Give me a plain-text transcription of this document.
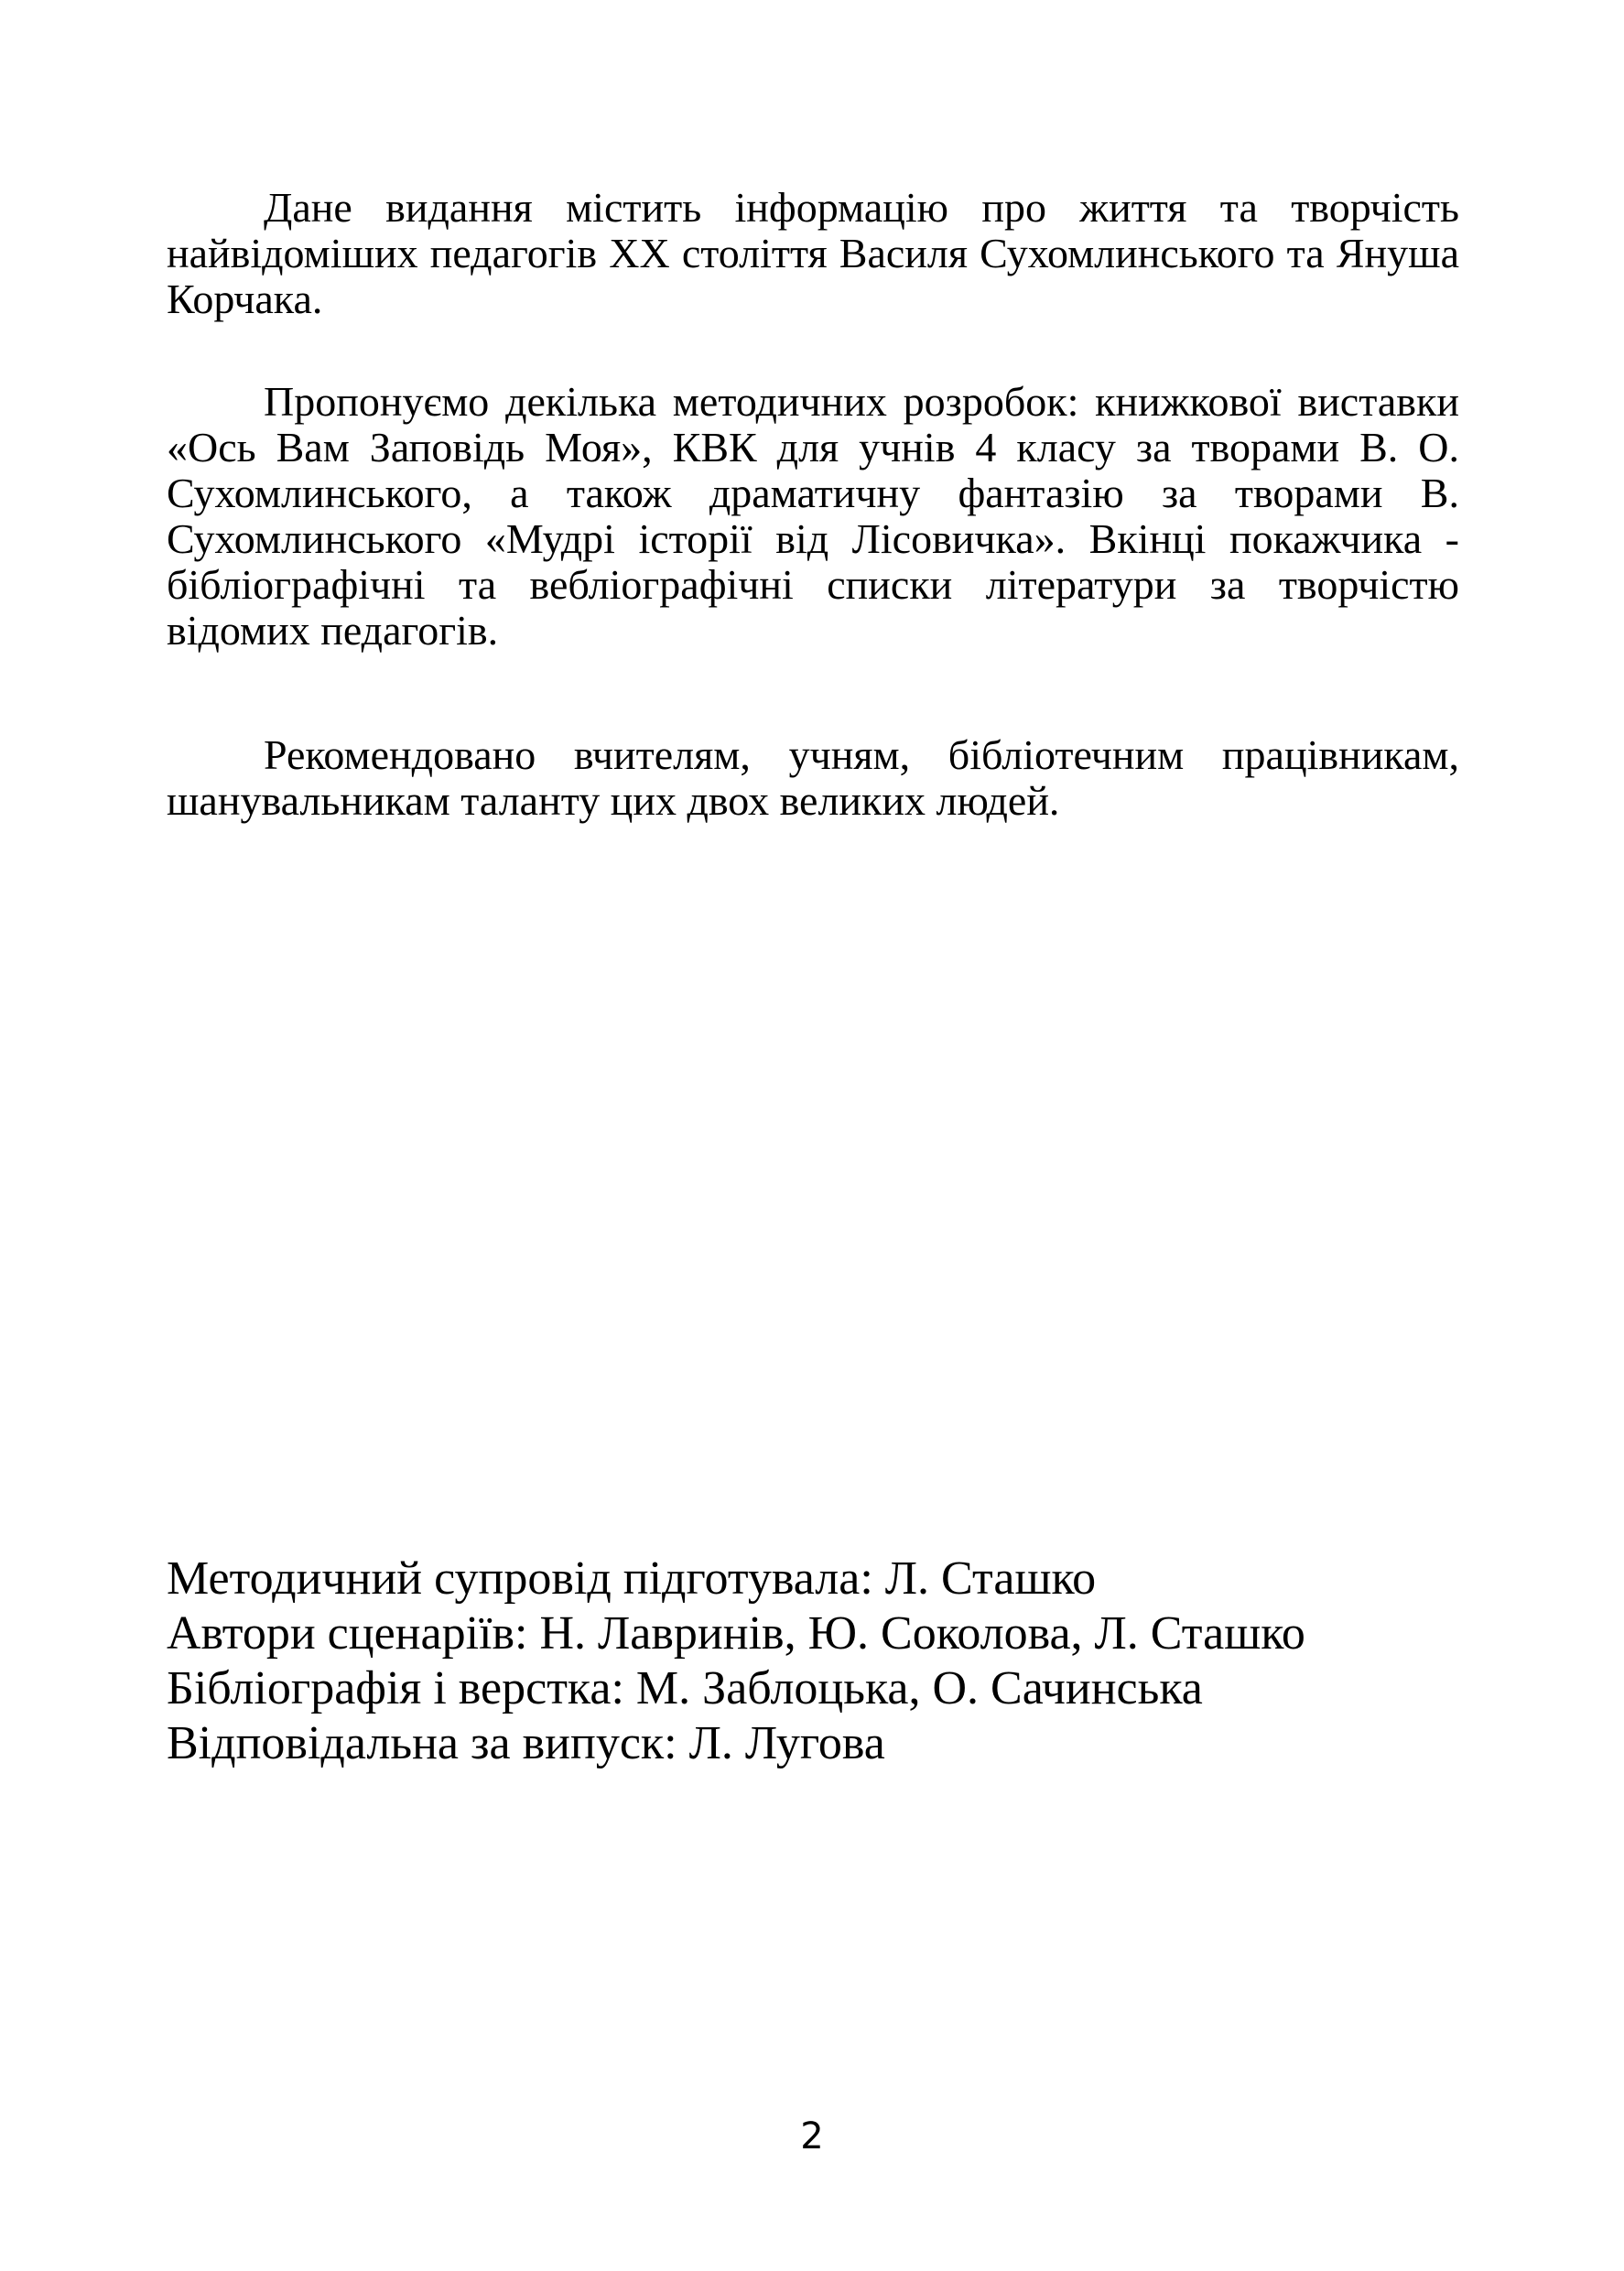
Дане видання містить інформацію про життя та творчість найвідоміших педагогів XX століття Василя Сухомлинського та Януша Корчака.

Пропонуємо декілька методичних розробок: книжкової виставки «Ось Вам Заповідь Моя», КВК для учнів 4 класу за творами В. О. Сухомлинського, а також драматичну фантазію за творами В. Сухомлинського «Мудрі історії від Лісовичка». Вкінці покажчика - бібліографічні та вебліографічні списки літератури за творчістю відомих педагогів.

Рекомендовано вчителям, учням, бібліотечним працівникам, шанувальникам таланту цих двох великих людей.

Методичний супровід підготувала: Л. Сташко
Автори сценаріїв: Н. Лавринів, Ю. Соколова, Л. Сташко
Бібліографія і верстка: М. Заблоцька, О. Сачинська
Відповідальна за випуск: Л. Лугова
2
